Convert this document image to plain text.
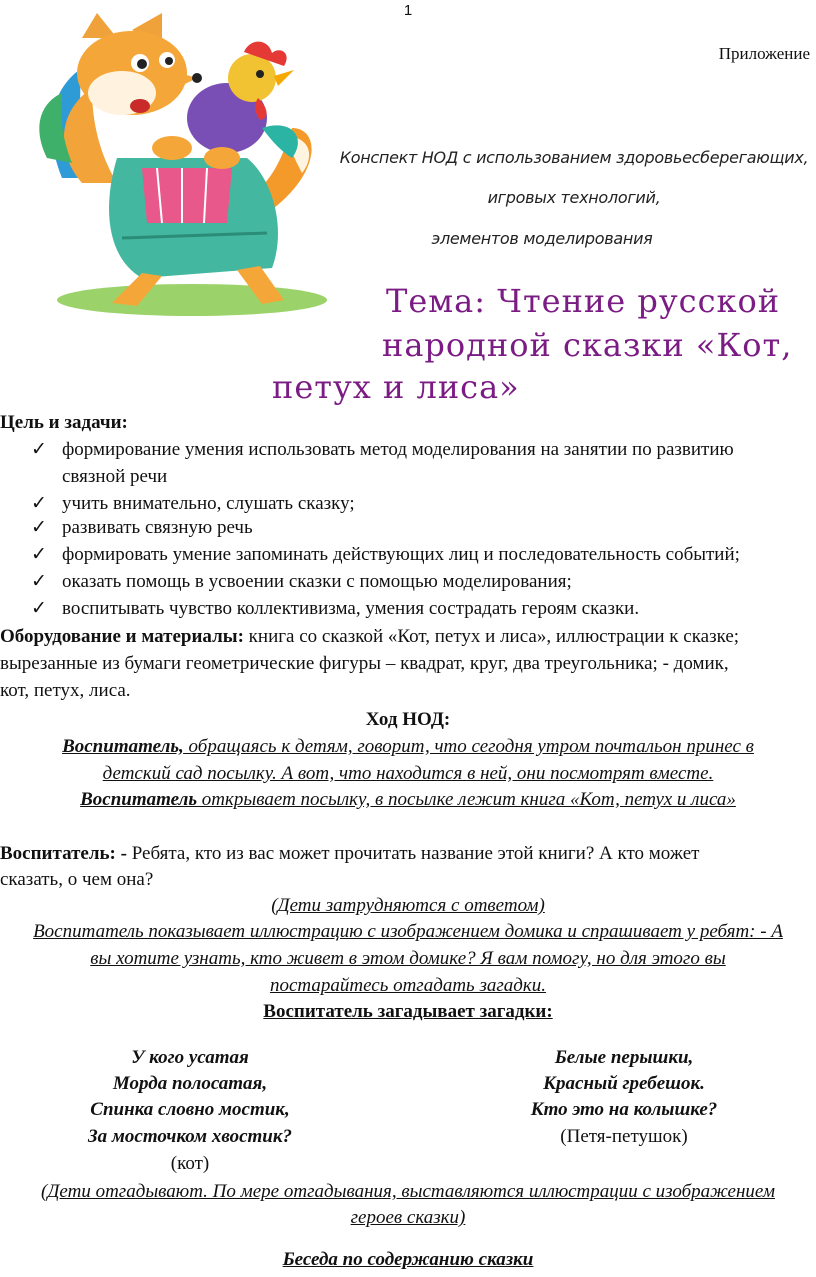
1
Приложение
Конспект НОД с использованием здоровьесберегающих,
игровых технологий,
элементов моделирования
Тема: Чтение русской
народной сказки «Кот,
петух и лиса»
Цель и задачи:
✓ формирование умения использовать метод моделирования на занятии по развитию
связной речи
✓ учить внимательно, слушать сказку;
✓ развивать связную речь
✓ формировать умение запоминать действующих лиц и последовательность событий;
✓ оказать помощь в усвоении сказки с помощью моделирования;
✓ воспитывать чувство коллективизма, умения сострадать героям сказки.
Оборудование и материалы: книга со сказкой «Кот, петух и лиса», иллюстрации к сказке;
вырезанные из бумаги геометрические фигуры – квадрат, круг, два треугольника; - домик,
кот, петух, лиса.
Ход НОД:
Воспитатель, обращаясь к детям, говорит, что сегодня утром почтальон принес в
детский сад посылку. А вот, что находится в ней, они посмотрят вместе.
Воспитатель открывает посылку, в посылке лежит книга «Кот, петух и лиса»
Воспитатель: - Ребята, кто из вас может прочитать название этой книги? А кто может
сказать, о чем она?
(Дети затрудняются с ответом)
Воспитатель показывает иллюстрацию с изображением домика и спрашивает у ребят: - А
вы хотите узнать, кто живет в этом домике? Я вам помогу, но для этого вы
постарайтесь отгадать загадки.
Воспитатель загадывает загадки:
У кого усатая
Морда полосатая,
Спинка словно мостик,
За мосточком хвостик?
(кот)
Белые перышки,
Красный гребешок.
Кто это на колышке?
(Петя-петушок)
(Дети отгадывают. По мере отгадывания, выставляются иллюстрации с изображением
героев сказки)
Беседа по содержанию сказки
